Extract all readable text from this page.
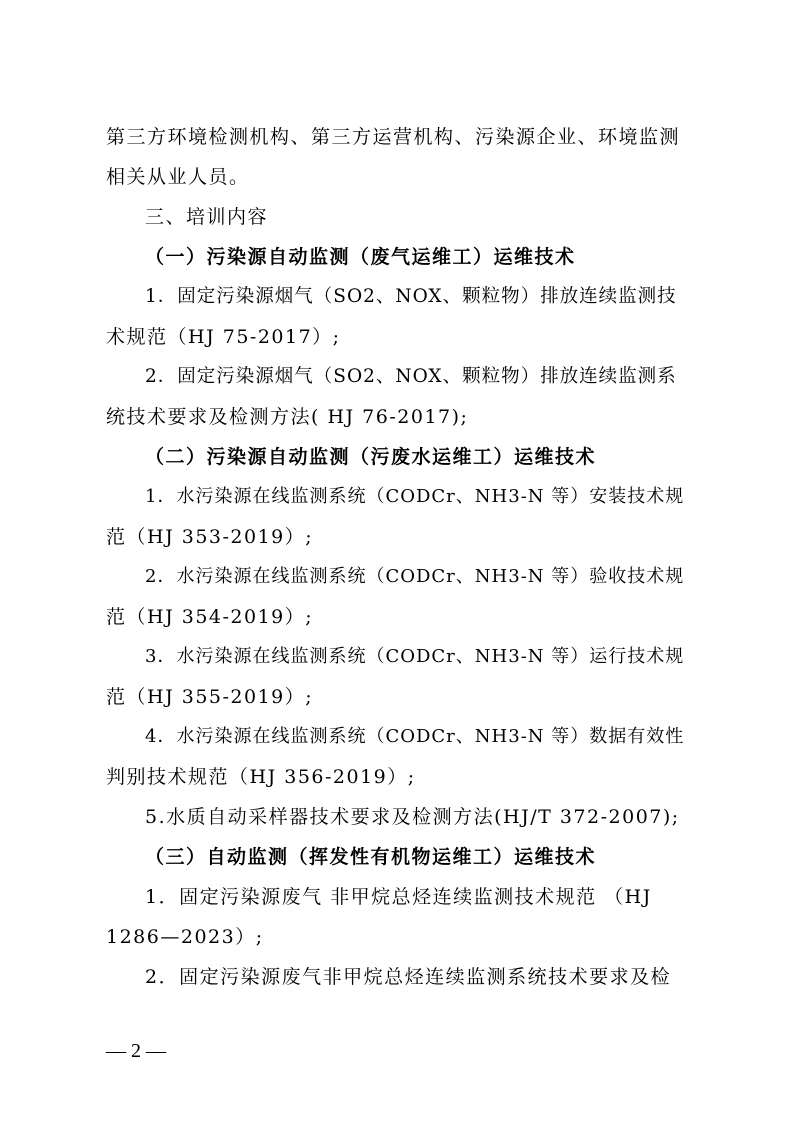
第三方环境检测机构、第三方运营机构、污染源企业、环境监测
相关从业人员。
三、培训内容
（一）污染源自动监测（废气运维工）运维技术
1．固定污染源烟气（SO2、NOX、颗粒物）排放连续监测技
术规范（HJ 75-2017）;
2．固定污染源烟气（SO2、NOX、颗粒物）排放连续监测系
统技术要求及检测方法( HJ 76-2017);
（二）污染源自动监测（污废水运维工）运维技术
1．水污染源在线监测系统（CODCr、NH3-N 等）安装技术规
范（HJ 353-2019）;
2．水污染源在线监测系统（CODCr、NH3-N 等）验收技术规
范（HJ 354-2019）;
3．水污染源在线监测系统（CODCr、NH3-N 等）运行技术规
范（HJ 355-2019）;
4．水污染源在线监测系统（CODCr、NH3-N 等）数据有效性
判别技术规范（HJ 356-2019）;
5.水质自动采样器技术要求及检测方法(HJ/T 372-2007);
（三）自动监测（挥发性有机物运维工）运维技术
1．固定污染源废气 非甲烷总烃连续监测技术规范 （HJ
1286—2023）;
2．固定污染源废气非甲烷总烃连续监测系统技术要求及检
— 2 —
